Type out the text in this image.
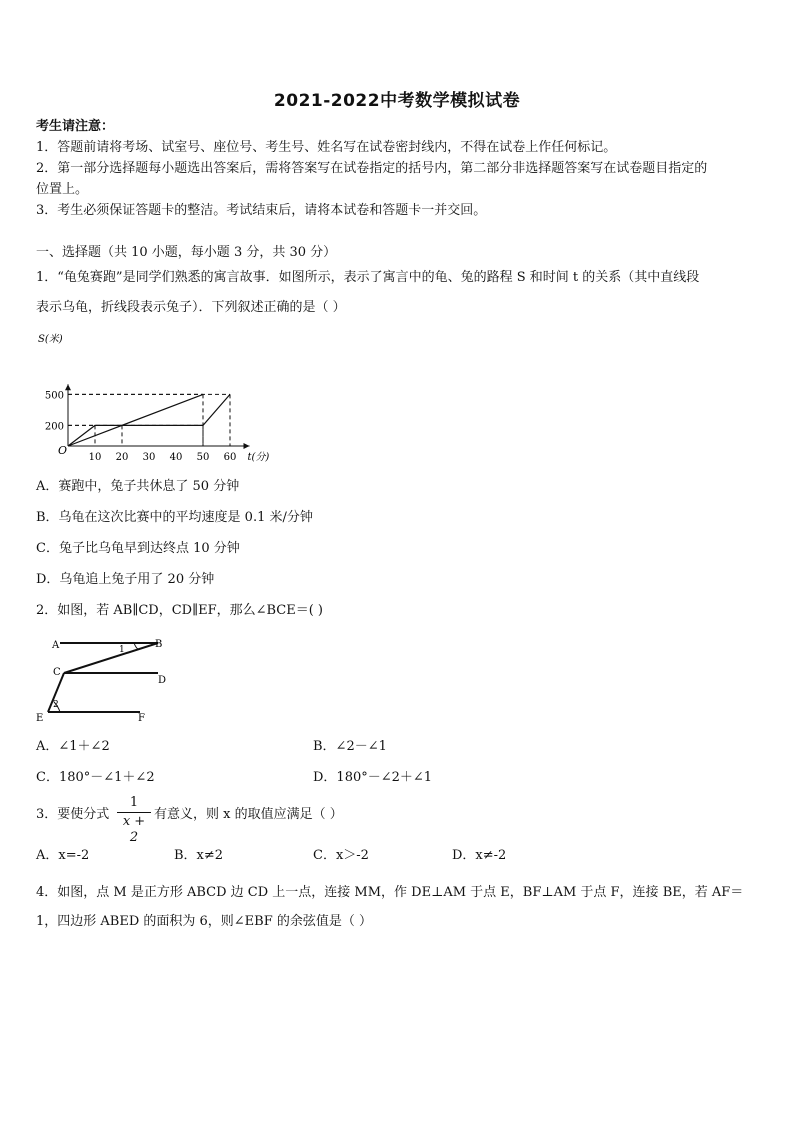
2021-2022中考数学模拟试卷
考生请注意：
1．答题前请将考场、试室号、座位号、考生号、姓名写在试卷密封线内，不得在试卷上作任何标记。
2．第一部分选择题每小题选出答案后，需将答案写在试卷指定的括号内，第二部分非选择题答案写在试卷题目指定的
位置上。
3．考生必须保证答题卡的整洁。考试结束后，请将本试卷和答题卡一并交回。
一、选择题（共 10 小题，每小题 3 分，共 30 分）
1．“龟兔赛跑”是同学们熟悉的寓言故事．如图所示，表示了寓言中的龟、兔的路程 S 和时间 t 的关系（其中直线段
表示乌龟，折线段表示兔子）．下列叙述正确的是（ ）
10 20 30 40 50 60
200
500
O
S(米)
t(分)
A．赛跑中，兔子共休息了 50 分钟
B．乌龟在这次比赛中的平均速度是 0.1 米/分钟
C．兔子比乌龟早到达终点 10 分钟
D．乌龟追上兔子用了 20 分钟
2．如图，若 AB∥CD，CD∥EF，那么∠BCE＝( )
A	B
C
D
E	F
1
2
A．∠1＋∠2	B．∠2－∠1
C．180°－∠1＋∠2	D．180°－∠2＋∠1
3．要使分式
1
x + 2
有意义，则 x 的取值应满足（ ）
A．x=-2	B．x≠2	C．x＞-2	D．x≠-2
4．如图，点 M 是正方形 ABCD 边 CD 上一点，连接 MM，作 DE⊥AM 于点 E，BF⊥AM 于点 F，连接 BE，若 AF＝
1，四边形 ABED 的面积为 6，则∠EBF 的余弦值是（ ）
